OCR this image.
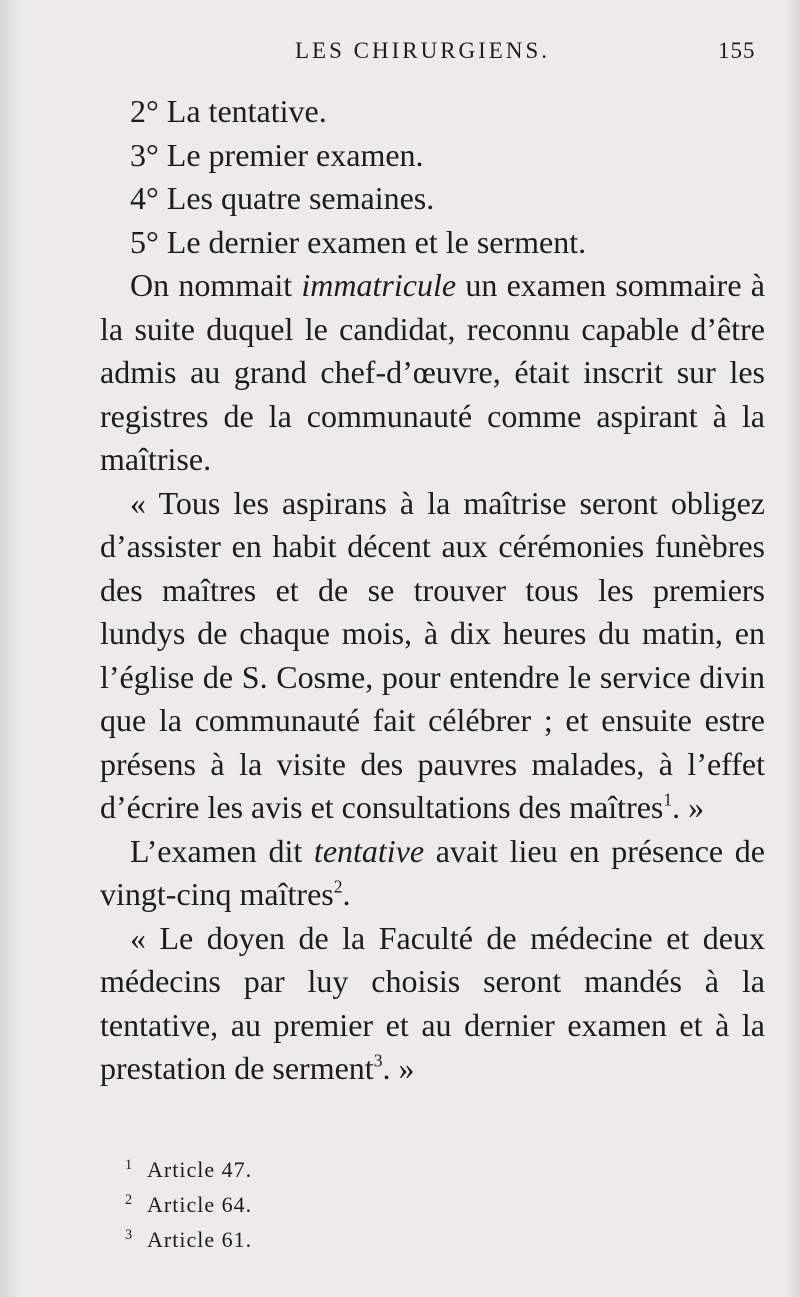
LES CHIRURGIENS.	155

2° La tentative.

3° Le premier examen.

4° Les quatre semaines.

5° Le dernier examen et le serment.

On nommait immatricule un examen sommaire à la suite duquel le candidat, reconnu capable d’être admis au grand chef-d’œuvre, était inscrit sur les registres de la communauté comme aspirant à la maîtrise.

« Tous les aspirans à la maîtrise seront obligez d’assister en habit décent aux cérémonies funèbres des maîtres et de se trouver tous les premiers lundys de chaque mois, à dix heures du matin, en l’église de S. Cosme, pour entendre le service divin que la communauté fait célébrer ; et ensuite estre présens à la visite des pauvres malades, à l’effet d’écrire les avis et consultations des maîtres$^1$. »

L’examen dit tentative avait lieu en présence de vingt-cinq maîtres$^2$.

« Le doyen de la Faculté de médecine et deux médecins par luy choisis seront mandés à la tentative, au premier et au dernier examen et à la prestation de serment$^3$. »

1 Article 47.
2 Article 64.
3 Article 61.
